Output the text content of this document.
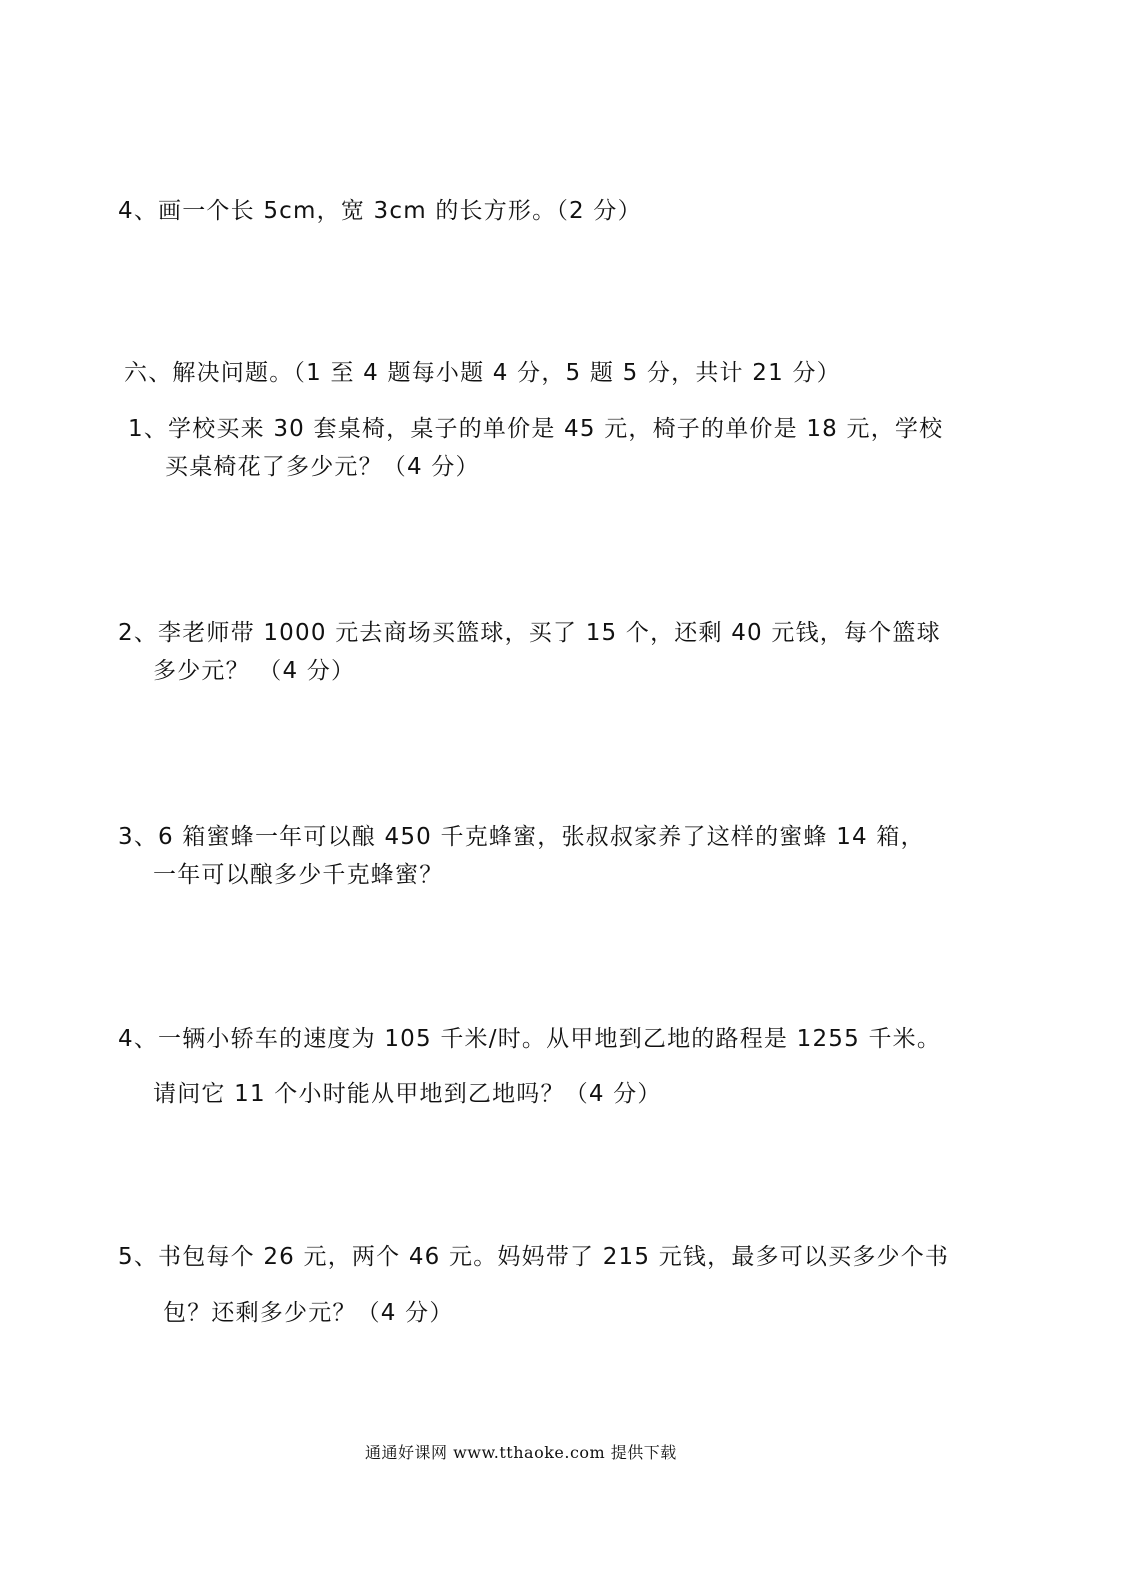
4、画一个长 5cm，宽 3cm 的长方形。（2 分）
六、解决问题。（1 至 4 题每小题 4 分，5 题 5 分，共计 21 分）
1、学校买来 30 套桌椅，桌子的单价是 45 元，椅子的单价是 18 元，学校
买桌椅花了多少元？（4 分）
2、李老师带 1000 元去商场买篮球，买了 15 个，还剩 40 元钱，每个篮球
多少元？ （4 分）
3、6 箱蜜蜂一年可以酿 450 千克蜂蜜，张叔叔家养了这样的蜜蜂 14 箱，
一年可以酿多少千克蜂蜜？
4、一辆小轿车的速度为 105 千米/时。从甲地到乙地的路程是 1255 千米。
请问它 11 个小时能从甲地到乙地吗？（4 分）
5、书包每个 26 元，两个 46 元。妈妈带了 215 元钱，最多可以买多少个书
包？还剩多少元？（4 分）
通通好课网 www.tthaoke.com 提供下载
